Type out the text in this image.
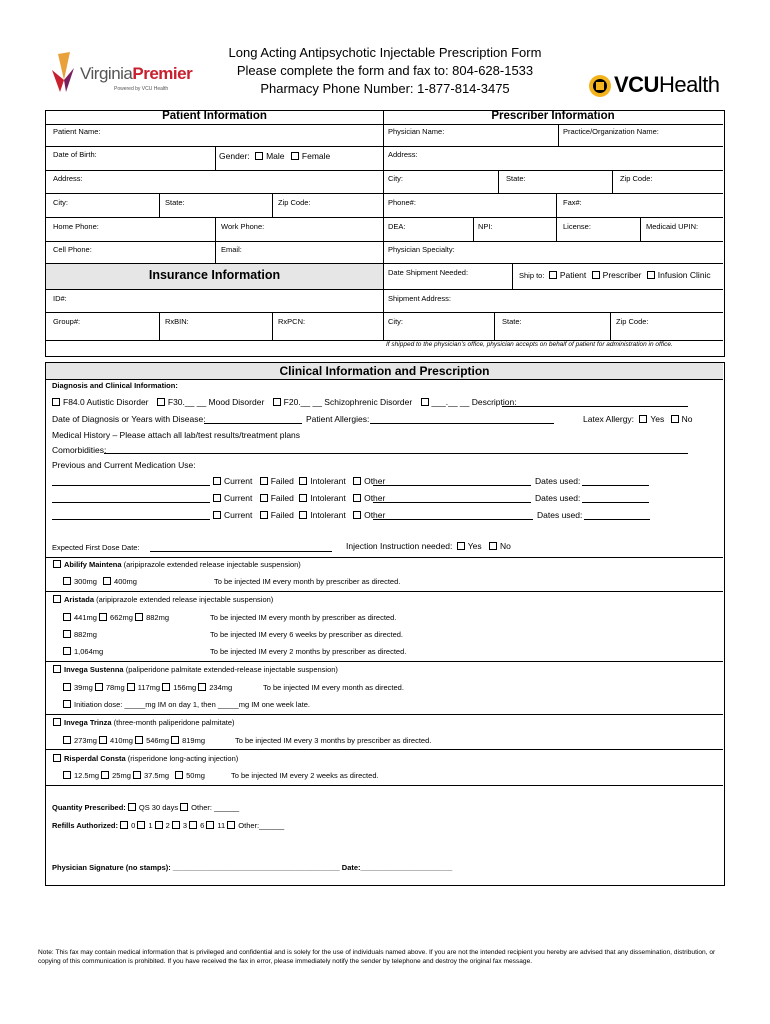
VirginiaPremier
Powered by VCU Health
Long Acting Antipsychotic Injectable Prescription Form
Please complete the form and fax to: 804-628-1533
Pharmacy Phone Number: 1-877-814-3475	VCUHealth
Patient Information	Prescriber Information
Insurance Information
Patient Name:
Date of Birth:	Gender: Male Female
Address:
City:	State:	Zip Code:
Home Phone:	Work Phone:
Cell Phone:	Email:
Physician Name:	Practice/Organization Name:
Address:
City:	State:	Zip Code:
Phone#:	Fax#:
DEA:	NPI:	License:	Medicaid UPIN:
Physician Specialty:
Date Shipment Needed:	Ship to: Patient Prescriber Infusion Clinic
Shipment Address:
City:	State:	Zip Code:
If shipped to the physician’s office, physician accepts on behalf of patient for administration in office.
ID#:
Group#:	RxBIN:	RxPCN:
Clinical Information and Prescription
Diagnosis and Clinical Information:
F84.0 Autistic Disorder F30.__ __ Mood Disorder F20.__ __ Schizophrenic Disorder ___.__ __ Description:
Date of Diagnosis or Years with Disease:	Patient Allergies:	Latex Allergy: Yes No
Medical History – Please attach all lab/test results/treatment plans
Comorbidities:
Previous and Current Medication Use:
Current Failed Intolerant Other	Dates used:
Current Failed Intolerant Other	Dates used:
Current Failed Intolerant Other	Dates used:
Expected First Dose Date:	Injection Instruction needed: Yes No
Abilify Maintena (aripiprazole extended release injectable suspension)
300mg 400mg	To be injected IM every month by prescriber as directed.
Aristada (aripiprazole extended release injectable suspension)
441mg 662mg 882mg	To be injected IM every month by prescriber as directed.
882mg	To be injected IM every 6 weeks by prescriber as directed.
1,064mg	To be injected IM every 2 months by prescriber as directed.
Invega Sustenna (paliperidone palmitate extended-release injectable suspension)
39mg 78mg 117mg 156mg 234mg	To be injected IM every month as directed.
Initiation dose: _____mg IM on day 1, then _____mg IM one week late.
Invega Trinza (three-month paliperidone palmitate)
273mg 410mg 546mg 819mg	To be injected IM every 3 months by prescriber as directed.
Risperdal Consta (risperidone long-acting injection)
12.5mg 25mg 37.5mg 50mg	To be injected IM every 2 weeks as directed.
Quantity Prescribed: QS 30 days Other: ______
Refills Authorized: 0 1 2 3 6 11 Other:______
Physician Signature (no stamps): ________________________________________ Date:______________________
Note: This fax may contain medical information that is privileged and confidential and is solely for the use of individuals named above. If you are not the intended recipient you hereby are advised that any dissemination, distribution, or copying of this communication is prohibited. If you have received the fax in error, please immediately notify the sender by telephone and destroy the original fax message.
